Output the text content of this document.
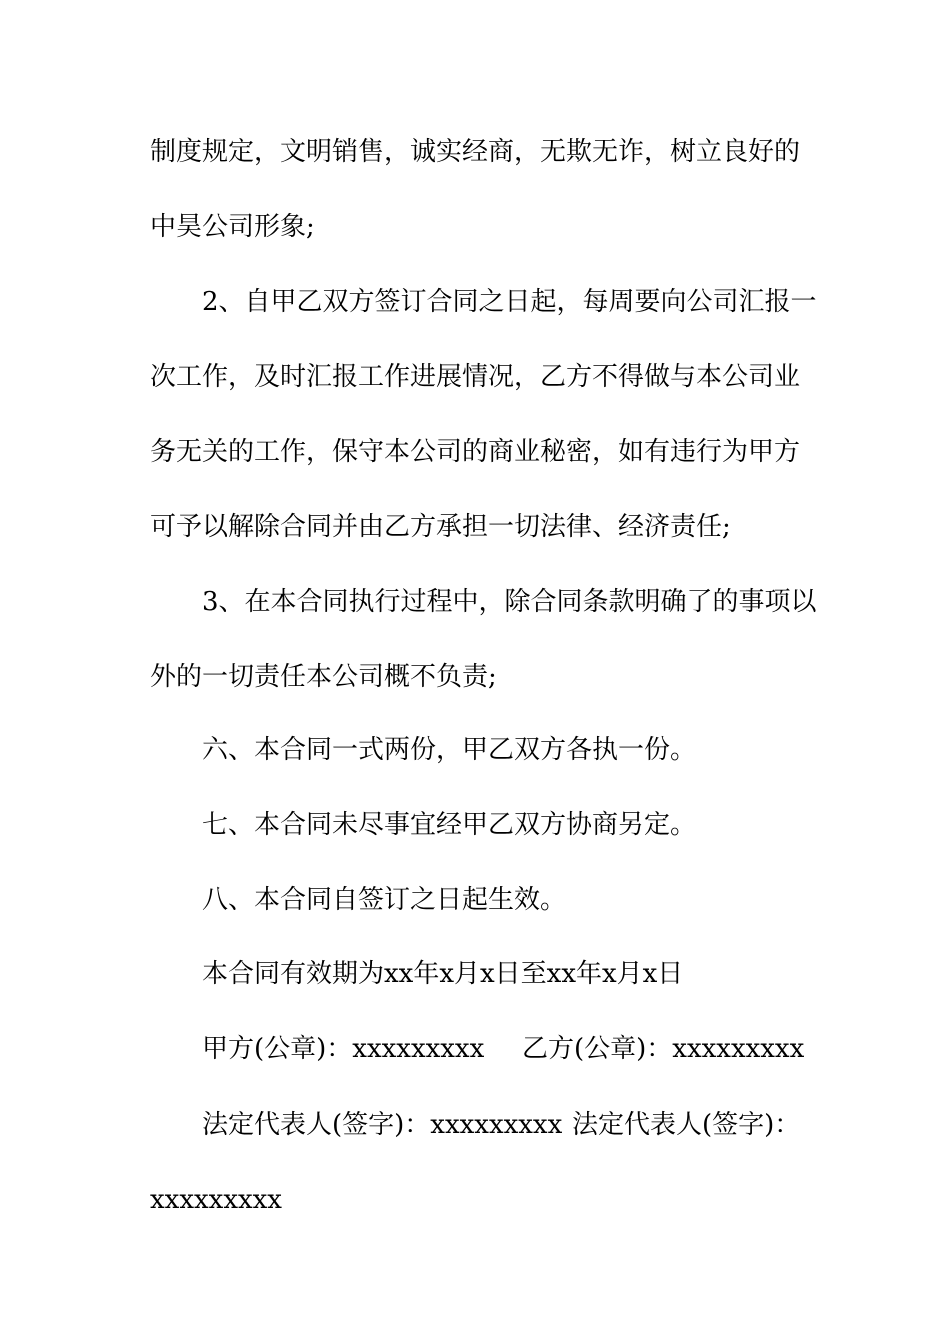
制度规定，文明销售，诚实经商，无欺无诈，树立良好的
中昊公司形象;
2、自甲乙双方签订合同之日起，每周要向公司汇报一
次工作，及时汇报工作进展情况，乙方不得做与本公司业
务无关的工作，保守本公司的商业秘密，如有违行为甲方
可予以解除合同并由乙方承担一切法律、经济责任;
3、在本合同执行过程中，除合同条款明确了的事项以
外的一切责任本公司概不负责;
六、本合同一式两份，甲乙双方各执一份。
七、本合同未尽事宜经甲乙双方协商另定。
八、本合同自签订之日起生效。
本合同有效期为xx年x月x日至xx年x月x日
甲方(公章)：xxxxxxxxx 乙方(公章)：xxxxxxxxx
法定代表人(签字)：xxxxxxxxx 法定代表人(签字)：
xxxxxxxxx
